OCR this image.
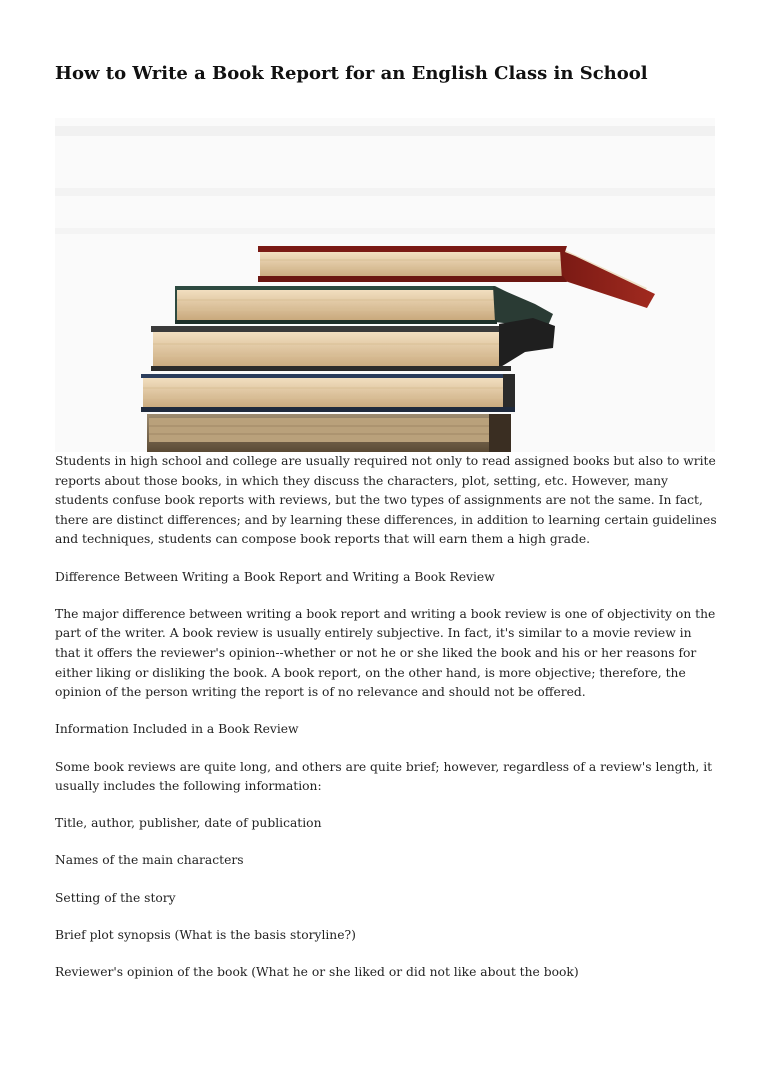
How to Write a Book Report for an English Class in School

Students in high school and college are usually required not only to read assigned books but also to write reports about those books, in which they discuss the characters, plot, setting, etc. However, many students confuse book reports with reviews, but the two types of assignments are not the same. In fact, there are distinct differences; and by learning these differences, in addition to learning certain guidelines and techniques, students can compose book reports that will earn them a high grade.

Difference Between Writing a Book Report and Writing a Book Review

The major difference between writing a book report and writing a book review is one of objectivity on the part of the writer. A book review is usually entirely subjective. In fact, it's similar to a movie review in that it offers the reviewer's opinion--whether or not he or she liked the book and his or her reasons for either liking or disliking the book. A book report, on the other hand, is more objective; therefore, the opinion of the person writing the report is of no relevance and should not be offered.

Information Included in a Book Review

Some book reviews are quite long, and others are quite brief; however, regardless of a review's length, it usually includes the following information:

Title, author, publisher, date of publication

Names of the main characters

Setting of the story

Brief plot synopsis (What is the basis storyline?)

Reviewer's opinion of the book (What he or she liked or did not like about the book)
